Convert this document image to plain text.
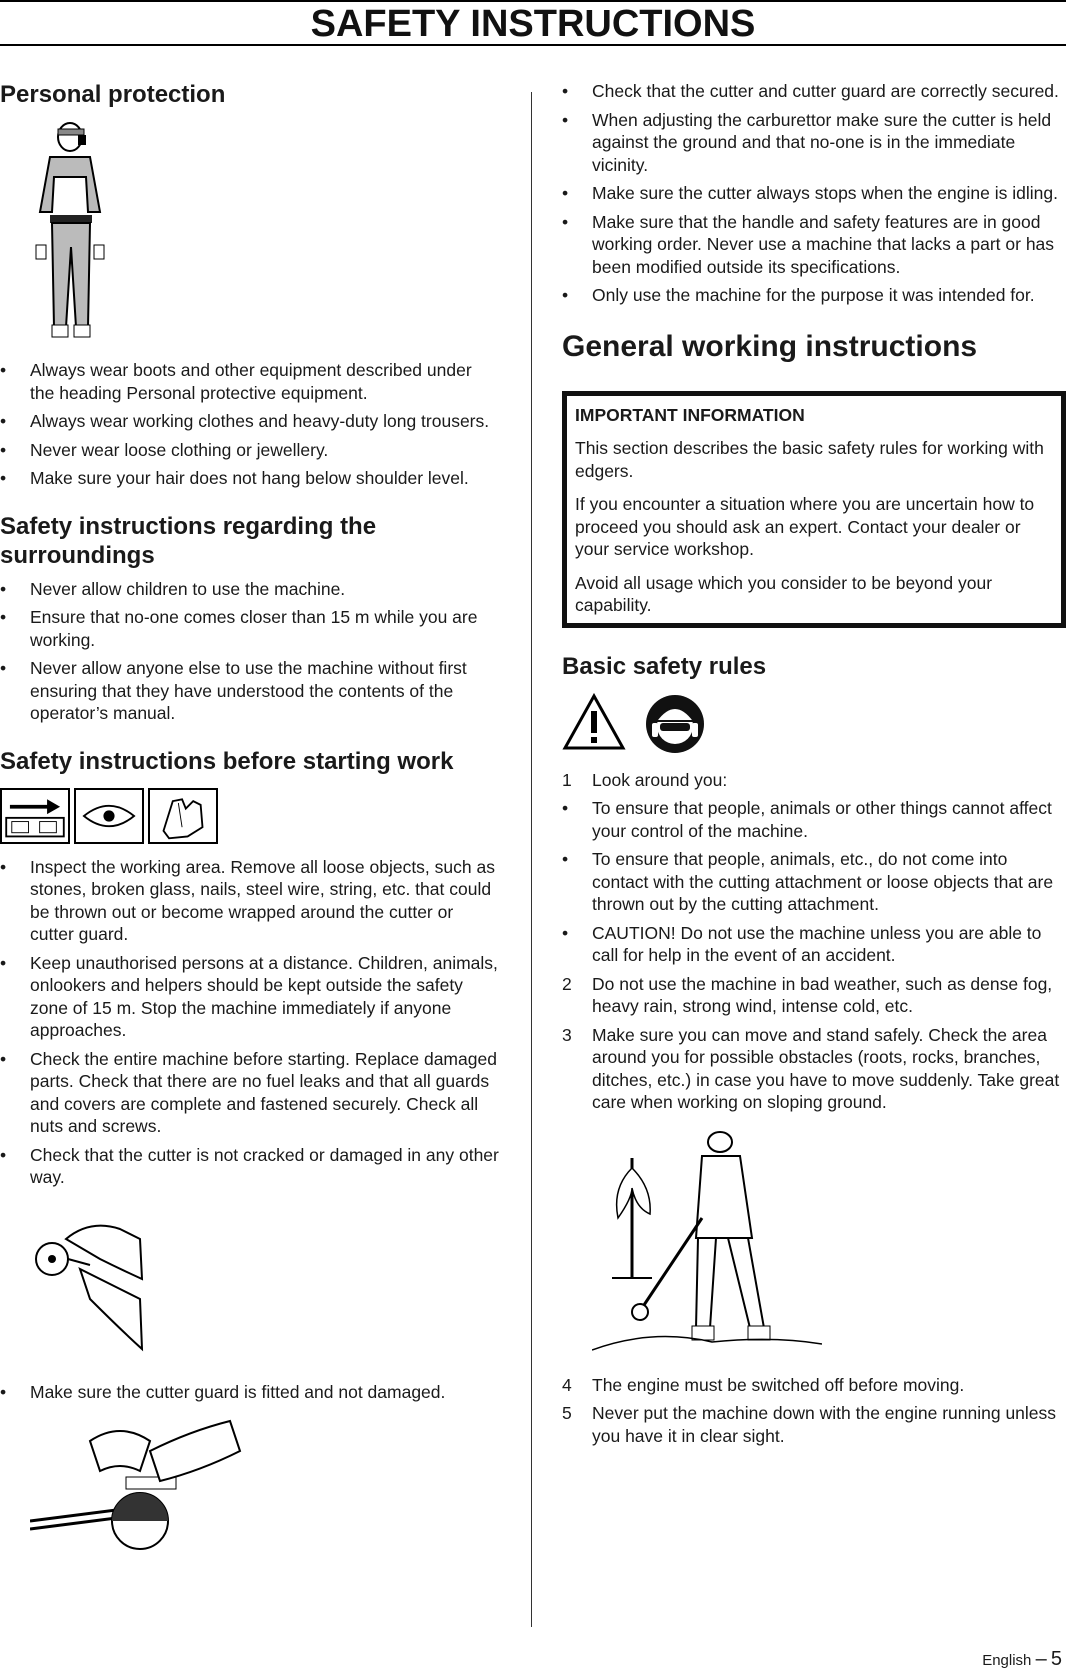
SAFETY INSTRUCTIONS
Personal protection
• Always wear boots and other equipment described under the heading Personal protective equipment.
• Always wear working clothes and heavy-duty long trousers.
• Never wear loose clothing or jewellery.
• Make sure your hair does not hang below shoulder level.
Safety instructions regarding the surroundings
• Never allow children to use the machine.
• Ensure that no-one comes closer than 15 m while you are working.
• Never allow anyone else to use the machine without first ensuring that they have understood the contents of the operator’s manual.
Safety instructions before starting work
• Inspect the working area. Remove all loose objects, such as stones, broken glass, nails, steel wire, string, etc. that could be thrown out or become wrapped around the cutter or cutter guard.
• Keep unauthorised persons at a distance. Children, animals, onlookers and helpers should be kept outside the safety zone of 15 m. Stop the machine immediately if anyone approaches.
• Check the entire machine before starting. Replace damaged parts. Check that there are no fuel leaks and that all guards and covers are complete and fastened securely. Check all nuts and screws.
• Check that the cutter is not cracked or damaged in any other way.
• Make sure the cutter guard is fitted and not damaged.
• Check that the cutter and cutter guard are correctly secured.
• When adjusting the carburettor make sure the cutter is held against the ground and that no-one is in the immediate vicinity.
• Make sure the cutter always stops when the engine is idling.
• Make sure that the handle and safety features are in good working order. Never use a machine that lacks a part or has been modified outside its specifications.
• Only use the machine for the purpose it was intended for.
General working instructions

IMPORTANT INFORMATION

This section describes the basic safety rules for working with edgers.

If you encounter a situation where you are uncertain how to proceed you should ask an expert. Contact your dealer or your service workshop.

Avoid all usage which you consider to be beyond your capability.

Basic safety rules
1 Look around you:
• To ensure that people, animals or other things cannot affect your control of the machine.
• To ensure that people, animals, etc., do not come into contact with the cutting attachment or loose objects that are thrown out by the cutting attachment.
• CAUTION! Do not use the machine unless you are able to call for help in the event of an accident.
2 Do not use the machine in bad weather, such as dense fog, heavy rain, strong wind, intense cold, etc.
3 Make sure you can move and stand safely. Check the area around you for possible obstacles (roots, rocks, branches, ditches, etc.) in case you have to move suddenly. Take great care when working on sloping ground.
4 The engine must be switched off before moving.
5 Never put the machine down with the engine running unless you have it in clear sight.
English – 5
